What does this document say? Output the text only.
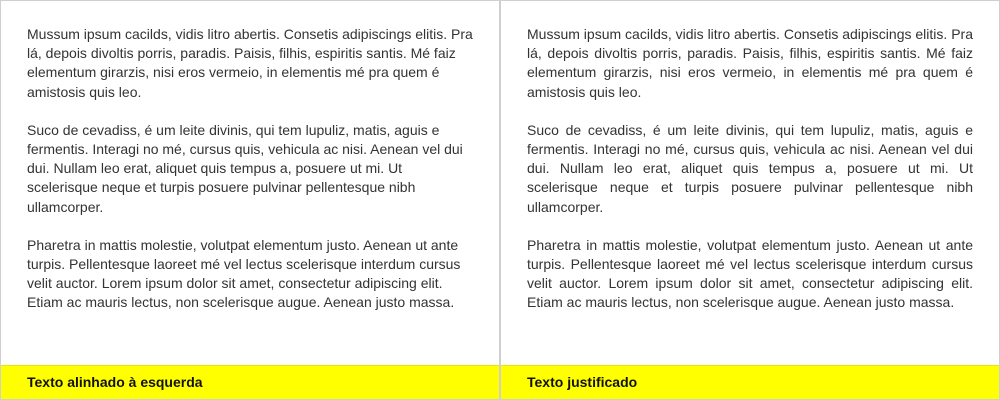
Mussum ipsum cacilds, vidis litro abertis. Consetis adipiscings elitis. Pra lá, depois divoltis porris, paradis. Paisis, filhis, espiritis santis. Mé faiz elementum girarzis, nisi eros vermeio, in elementis mé pra quem é amistosis quis leo.

Suco de cevadiss, é um leite divinis, qui tem lupuliz, matis, aguis e fermentis. Interagi no mé, cursus quis, vehicula ac nisi. Aenean vel dui dui. Nullam leo erat, aliquet quis tempus a, posuere ut mi. Ut scelerisque neque et turpis posuere pulvinar pellentesque nibh ullamcorper.

Pharetra in mattis molestie, volutpat elementum justo. Aenean ut ante turpis. Pellentesque laoreet mé vel lectus scelerisque interdum cursus velit auctor. Lorem ipsum dolor sit amet, consectetur adipiscing elit. Etiam ac mauris lectus, non scelerisque augue. Aenean justo massa.

Texto alinhado à esquerda

Mussum ipsum cacilds, vidis litro abertis. Consetis adipiscings elitis. Pra lá, depois divoltis porris, paradis. Paisis, filhis, espiritis santis. Mé faiz elementum girarzis, nisi eros vermeio, in elementis mé pra quem é amistosis quis leo.

Suco de cevadiss, é um leite divinis, qui tem lupuliz, matis, aguis e fermentis. Interagi no mé, cursus quis, vehicula ac nisi. Aenean vel dui dui. Nullam leo erat, aliquet quis tempus a, posuere ut mi. Ut scelerisque neque et turpis posuere pulvinar pellentesque nibh ullamcorper.

Pharetra in mattis molestie, volutpat elementum justo. Aenean ut ante turpis. Pellentesque laoreet mé vel lectus scelerisque interdum cursus velit auctor. Lorem ipsum dolor sit amet, consectetur adipiscing elit. Etiam ac mauris lectus, non scelerisque augue. Aenean justo massa.

Texto justificado
